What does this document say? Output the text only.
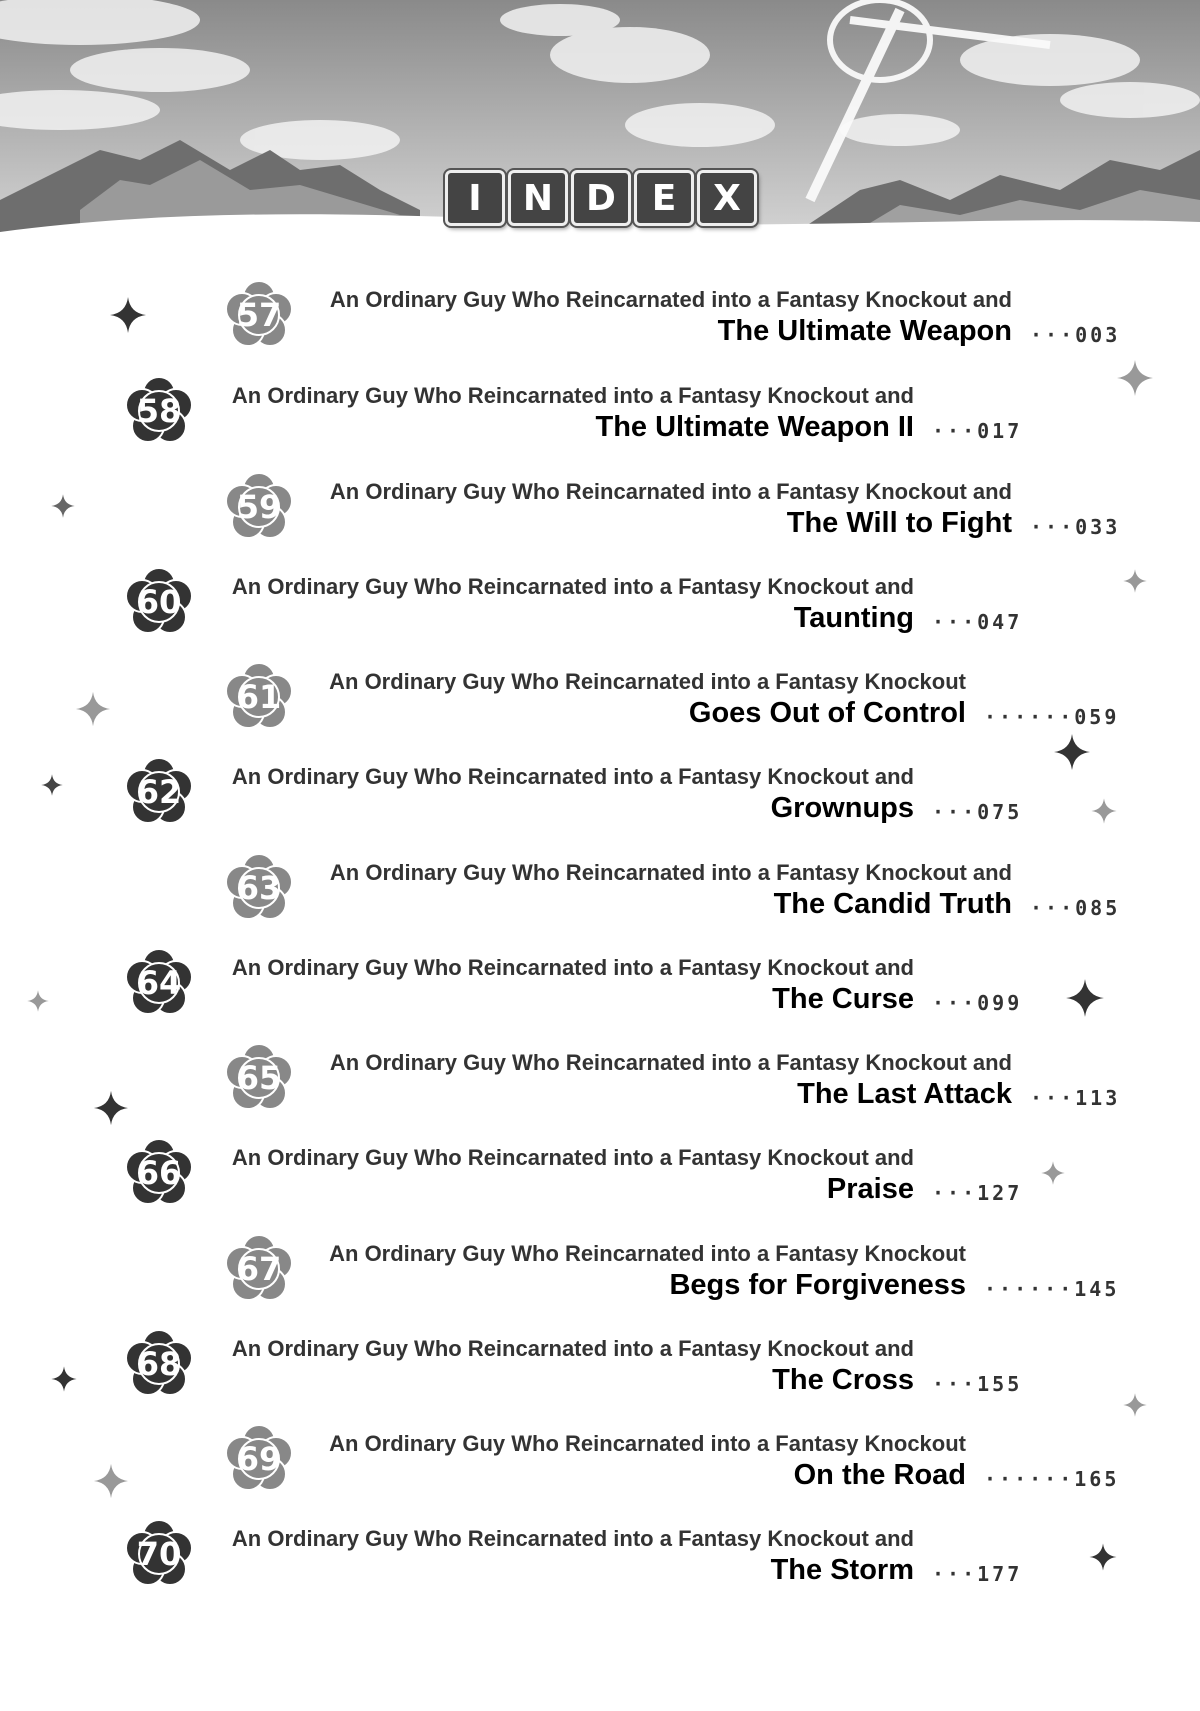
I	N D E	X
57	An Ordinary Guy Who Reincarnated into a Fantasy Knockout and
The Ultimate Weapon ···003
58	An Ordinary Guy Who Reincarnated into a Fantasy Knockout and
The Ultimate Weapon II ···017
59	An Ordinary Guy Who Reincarnated into a Fantasy Knockout and
The Will to Fight ···033
60	An Ordinary Guy Who Reincarnated into a Fantasy Knockout and
Taunting ···047
61	An Ordinary Guy Who Reincarnated into a Fantasy Knockout
Goes Out of Control ······059
62	An Ordinary Guy Who Reincarnated into a Fantasy Knockout and
Grownups ···075
63	An Ordinary Guy Who Reincarnated into a Fantasy Knockout and
The Candid Truth ···085
64	An Ordinary Guy Who Reincarnated into a Fantasy Knockout and
The Curse ···099
65	An Ordinary Guy Who Reincarnated into a Fantasy Knockout and
The Last Attack ···113
66	An Ordinary Guy Who Reincarnated into a Fantasy Knockout and
Praise ···127
67	An Ordinary Guy Who Reincarnated into a Fantasy Knockout
Begs for Forgiveness ······145
68	An Ordinary Guy Who Reincarnated into a Fantasy Knockout and
The Cross ···155
69	An Ordinary Guy Who Reincarnated into a Fantasy Knockout
On the Road ······165
70	An Ordinary Guy Who Reincarnated into a Fantasy Knockout and
The Storm ···177
